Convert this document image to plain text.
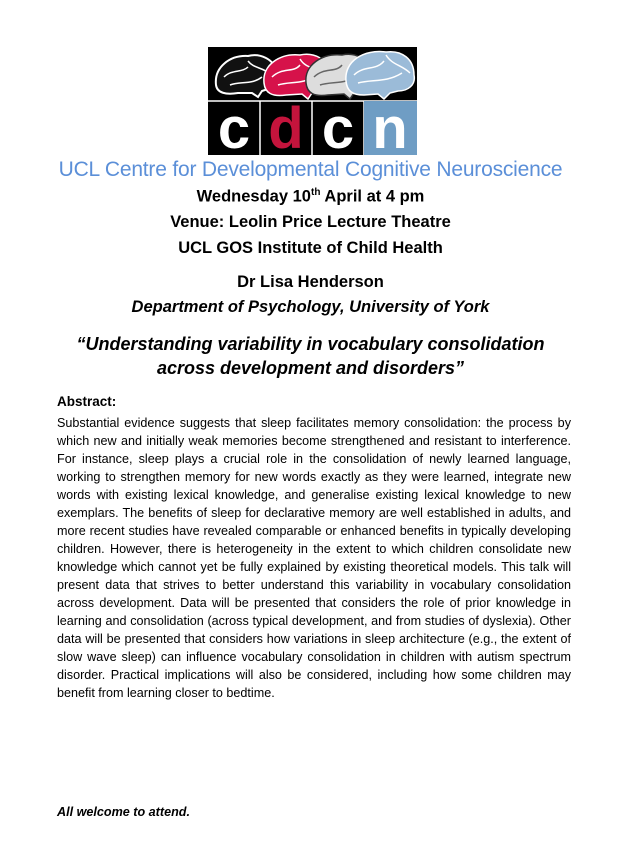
c d c n
UCL Centre for Developmental Cognitive Neuroscience
Wednesday 10th April at 4 pm
Venue: Leolin Price Lecture Theatre
UCL GOS Institute of Child Health
Dr Lisa Henderson
Department of Psychology, University of York
“Understanding variability in vocabulary consolidation
across development and disorders”
Abstract:
Substantial evidence suggests that sleep facilitates memory consolidation: the process by which new and initially weak memories become strengthened and resistant to interference. For instance, sleep plays a crucial role in the consolidation of newly learned language, working to strengthen memory for new words exactly as they were learned, integrate new words with existing lexical knowledge, and generalise existing lexical knowledge to new exemplars. The benefits of sleep for declarative memory are well established in adults, and more recent studies have revealed comparable or enhanced benefits in typically developing children. However, there is heterogeneity in the extent to which children consolidate new knowledge which cannot yet be fully explained by existing theoretical models. This talk will present data that strives to better understand this variability in vocabulary consolidation across development. Data will be presented that considers the role of prior knowledge in learning and consolidation (across typical development, and from studies of dyslexia). Other data will be presented that considers how variations in sleep architecture (e.g., the extent of slow wave sleep) can influence vocabulary consolidation in children with autism spectrum disorder. Practical implications will also be considered, including how some children may benefit from learning closer to bedtime.
All welcome to attend.
